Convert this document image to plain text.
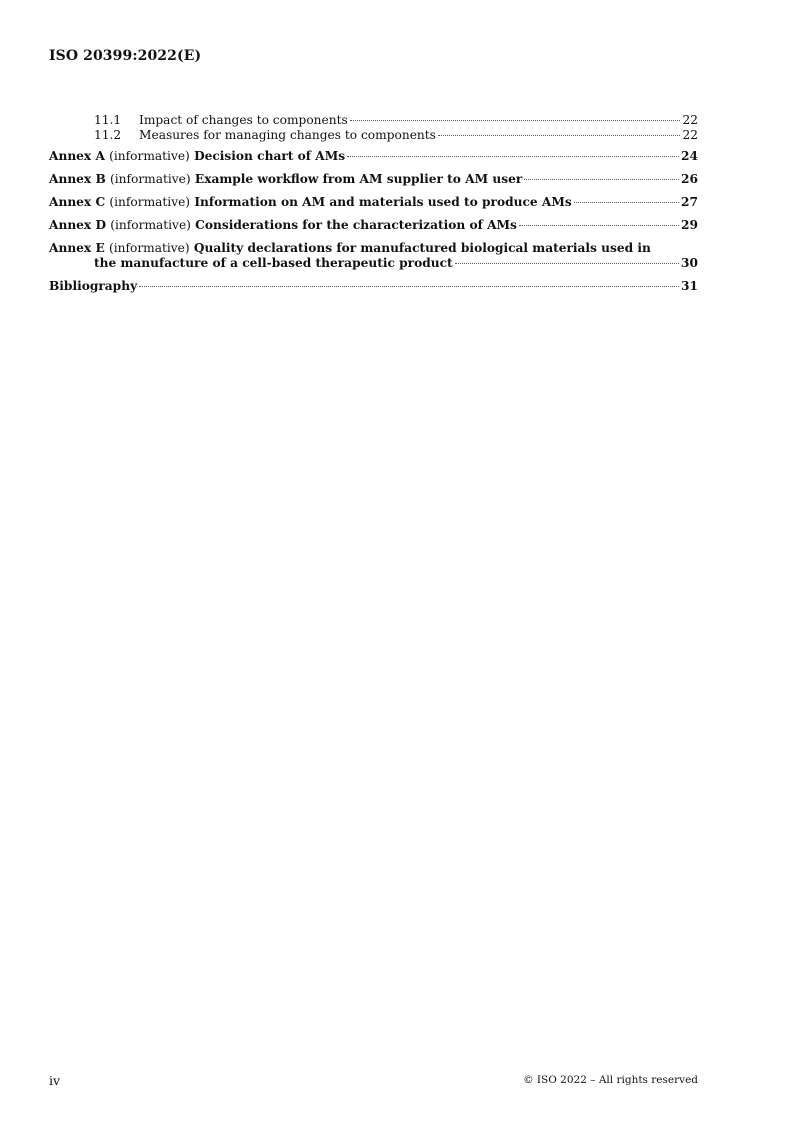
ISO 20399:2022(E)
11.1	Impact of changes to components	22
11.2	Measures for managing changes to components	22
Annex A (informative) Decision chart of AMs	24
Annex B (informative) Example workflow from AM supplier to AM user	26
Annex C (informative) Information on AM and materials used to produce AMs	27
Annex D (informative) Considerations for the characterization of AMs	29
Annex E (informative) Quality declarations for manufactured biological materials used in
the manufacture of a cell-based therapeutic product	30
Bibliography	31
iv	© ISO 2022 – All rights reserved
